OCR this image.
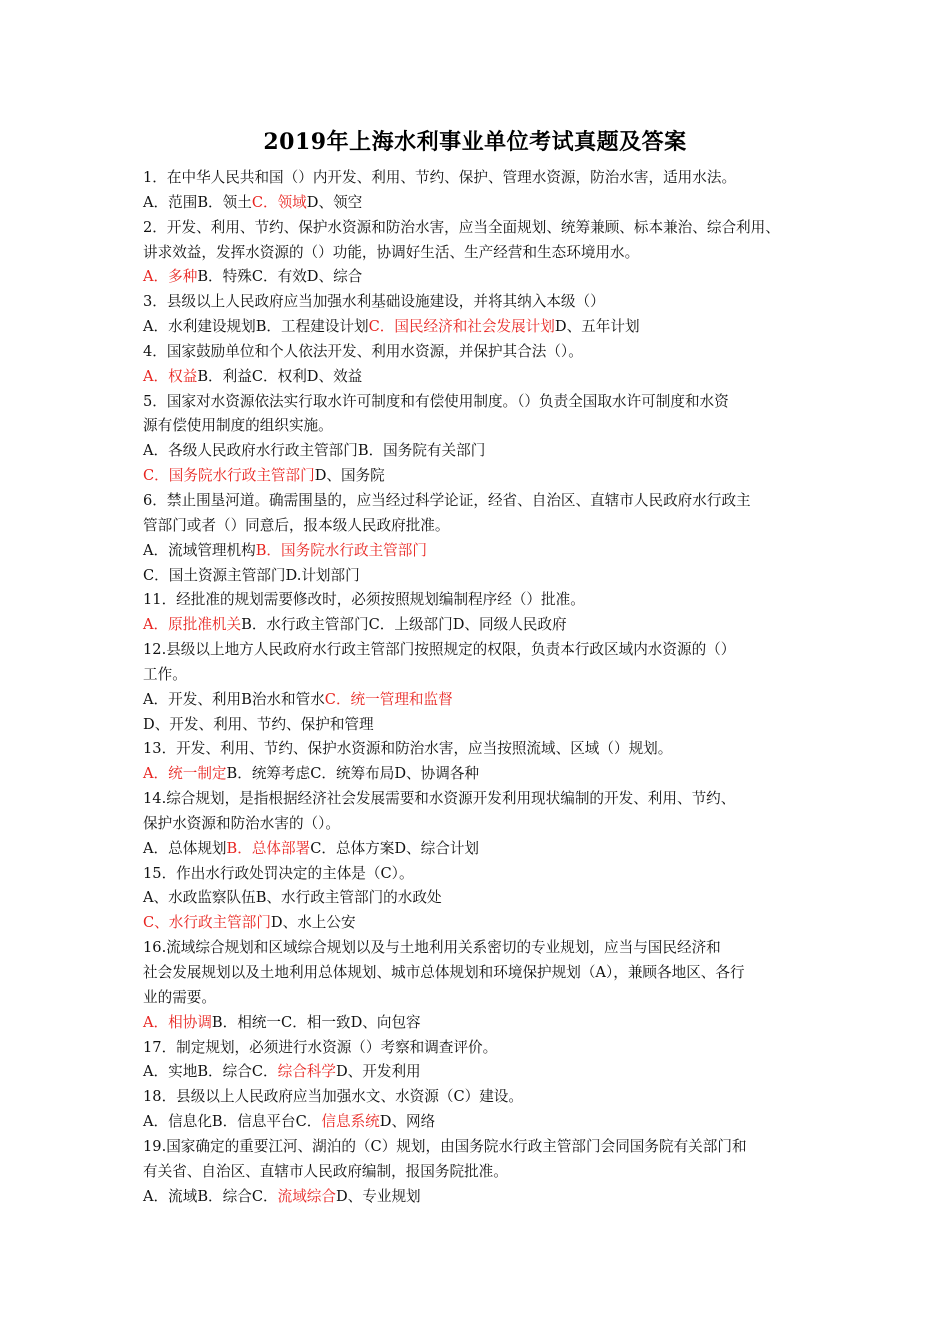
2019年上海水利事业单位考试真题及答案
1．在中华人民共和国（）内开发、利用、节约、保护、管理水资源，防治水害，适用水法。
A．范围B．领土C．领域D、领空
2．开发、利用、节约、保护水资源和防治水害，应当全面规划、统筹兼顾、标本兼治、综合利用、
讲求效益，发挥水资源的（）功能，协调好生活、生产经营和生态环境用水。
A．多种B．特殊C．有效D、综合
3．县级以上人民政府应当加强水利基础设施建设，并将其纳入本级（）
A．水利建设规划B．工程建设计划C．国民经济和社会发展计划D、五年计划
4．国家鼓励单位和个人依法开发、利用水资源，并保护其合法（）。
A．权益B．利益C．权利D、效益
5．国家对水资源依法实行取水许可制度和有偿使用制度。（）负责全国取水许可制度和水资
源有偿使用制度的组织实施。
A．各级人民政府水行政主管部门B．国务院有关部门
C．国务院水行政主管部门D、国务院
6．禁止围垦河道。确需围垦的，应当经过科学论证，经省、自治区、直辖市人民政府水行政主
管部门或者（）同意后，报本级人民政府批准。
A．流域管理机构B．国务院水行政主管部门
C．国土资源主管部门D.计划部门
11．经批准的规划需要修改时，必须按照规划编制程序经（）批准。
A．原批准机关B．水行政主管部门C．上级部门D、同级人民政府
12.县级以上地方人民政府水行政主管部门按照规定的权限，负责本行政区域内水资源的（）
工作。
A．开发、利用B治水和管水C．统一管理和监督
D、开发、利用、节约、保护和管理
13．开发、利用、节约、保护水资源和防治水害，应当按照流域、区域（）规划。
A．统一制定B．统筹考虑C．统筹布局D、协调各种
14.综合规划，是指根据经济社会发展需要和水资源开发利用现状编制的开发、利用、节约、
保护水资源和防治水害的（）。
A．总体规划B．总体部署C．总体方案D、综合计划
15．作出水行政处罚决定的主体是（C）。
A、水政监察队伍B、水行政主管部门的水政处
C、水行政主管部门D、水上公安
16.流域综合规划和区域综合规划以及与土地利用关系密切的专业规划，应当与国民经济和
社会发展规划以及土地利用总体规划、城市总体规划和环境保护规划（A），兼顾各地区、各行
业的需要。
A．相协调B．相统一C．相一致D、向包容
17．制定规划，必须进行水资源（）考察和调查评价。
A．实地B．综合C．综合科学D、开发利用
18．县级以上人民政府应当加强水文、水资源（C）建设。
A．信息化B．信息平台C．信息系统D、网络
19.国家确定的重要江河、湖泊的（C）规划，由国务院水行政主管部门会同国务院有关部门和
有关省、自治区、直辖市人民政府编制，报国务院批准。
A．流域B．综合C．流域综合D、专业规划
